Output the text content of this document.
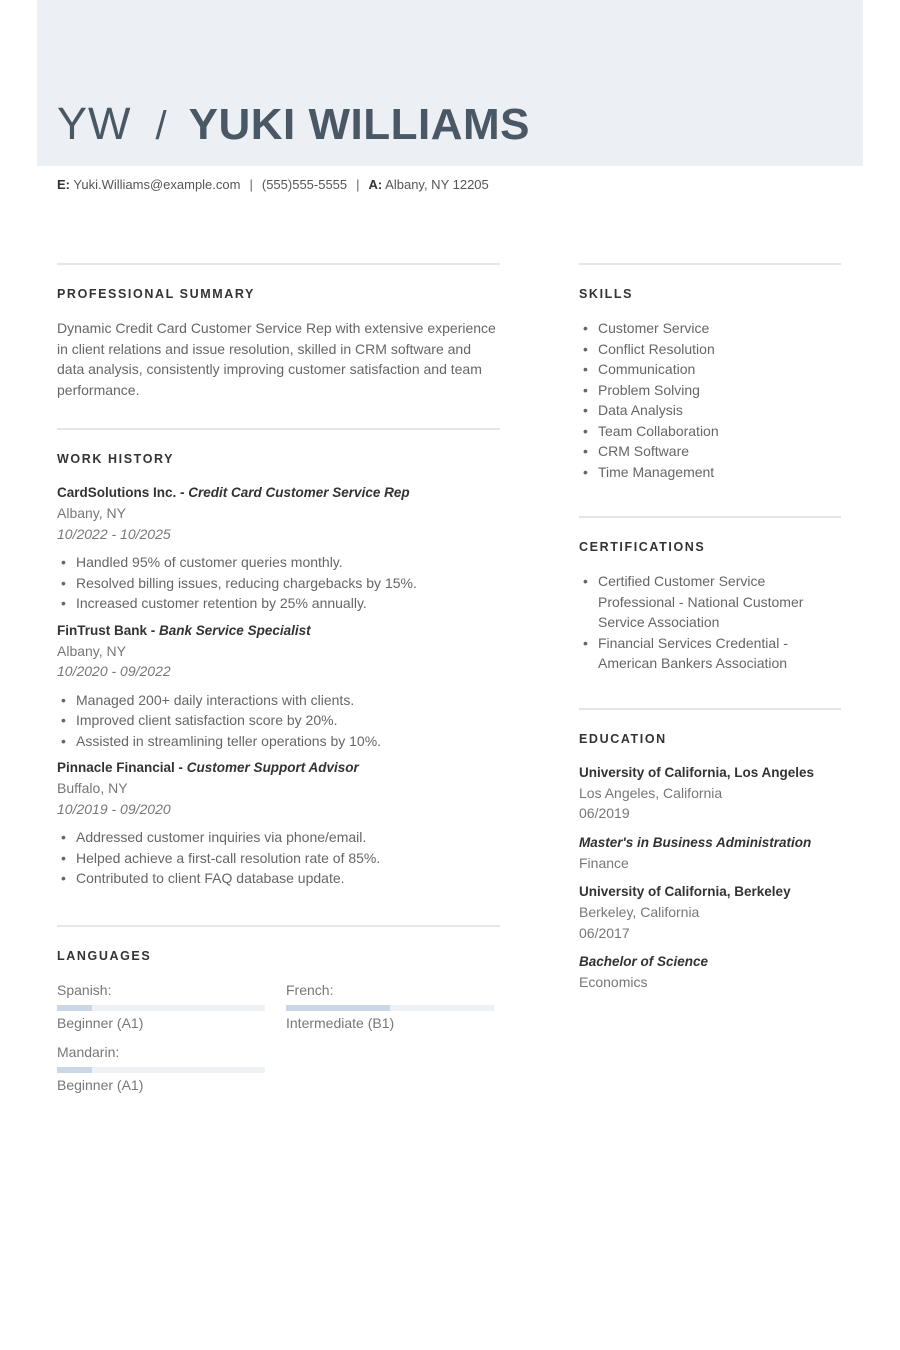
YW / YUKI WILLIAMS
E: Yuki.Williams@example.com | (555)555-5555 | A: Albany, NY 12205
PROFESSIONAL SUMMARY

Dynamic Credit Card Customer Service Rep with extensive experience in client relations and issue resolution, skilled in CRM software and data analysis, consistently improving customer satisfaction and team performance.

WORK HISTORY
CardSolutions Inc. - Credit Card Customer Service Rep
Albany, NY
10/2022 - 10/2025
• Handled 95% of customer queries monthly.
• Resolved billing issues, reducing chargebacks by 15%.
• Increased customer retention by 25% annually.
FinTrust Bank - Bank Service Specialist
Albany, NY
10/2020 - 09/2022
• Managed 200+ daily interactions with clients.
• Improved client satisfaction score by 20%.
• Assisted in streamlining teller operations by 10%.
Pinnacle Financial - Customer Support Advisor
Buffalo, NY
10/2019 - 09/2020
• Addressed customer inquiries via phone/email.
• Helped achieve a first-call resolution rate of 85%.
• Contributed to client FAQ database update.
LANGUAGES
Spanish:
Beginner (A1)
French:
Intermediate (B1)
Mandarin:
Beginner (A1)
SKILLS
• Customer Service
• Conflict Resolution
• Communication
• Problem Solving
• Data Analysis
• Team Collaboration
• CRM Software
• Time Management
CERTIFICATIONS
• Certified Customer Service Professional - National Customer Service Association
• Financial Services Credential - American Bankers Association
EDUCATION
University of California, Los Angeles
Los Angeles, California
06/2019
Master's in Business Administration
Finance
University of California, Berkeley
Berkeley, California
06/2017
Bachelor of Science
Economics
